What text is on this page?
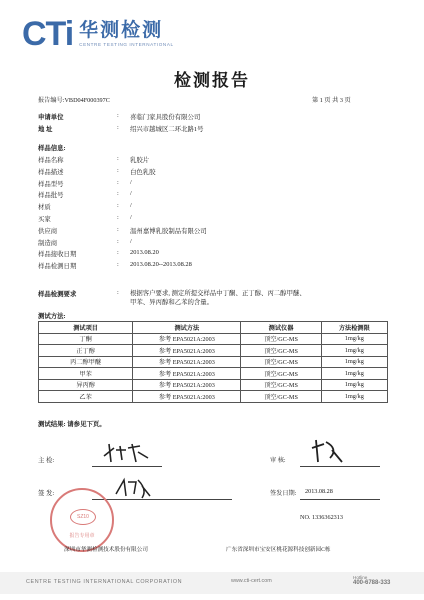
CTi 华测检测
CENTRE TESTING INTERNATIONAL
检测报告
报告编号:VBD04F000397C	第 1 页 共 3 页
申请单位	: 喜临门家具股份有限公司
地 址	: 绍兴市越城区二环北路1号
样品信息:
样品名称	: 乳胶片
样品描述	: 白色乳胶
样品型号	: /
样品批号	: /
材质	: /
买家	: /
供应商	: 温州嘉博乳胶制品有限公司
制造商	: /
样品接收日期	: 2013.08.20
样品检测日期	: 2013.08.20--2013.08.28
样品检测要求	: 根据客户要求, 测定所提交样品中丁酮、正丁醇、丙二醇甲醚、
甲苯、异丙醇和乙苯的含量。
测试方法:
测试项目	测试方法	测试仪器	方法检测限
丁酮	参考 EPA5021A:2003	顶空/GC-MS	1mg/kg
正丁醇	参考 EPA5021A:2003	顶空/GC-MS	1mg/kg
丙二醇甲醚	参考 EPA5021A:2003	顶空/GC-MS	1mg/kg
甲苯	参考 EPA5021A:2003	顶空/GC-MS	1mg/kg
异丙醇	参考 EPA5021A:2003	顶空/GC-MS	1mg/kg
乙苯	参考 EPA5021A:2003	顶空/GC-MS	1mg/kg
测试结果: 请参见下页。
主 检:	审 核:
签 发:	签发日期: 2013.08.28
NO. 1336362313
SZ10
报告专用章
深圳市华测检测技术股份有限公司	广东省深圳市宝安区桃花源科技创新园C栋
CENTRE TESTING INTERNATIONAL CORPORATION	www.cti-cert.com
Hotline
400-6788-333
